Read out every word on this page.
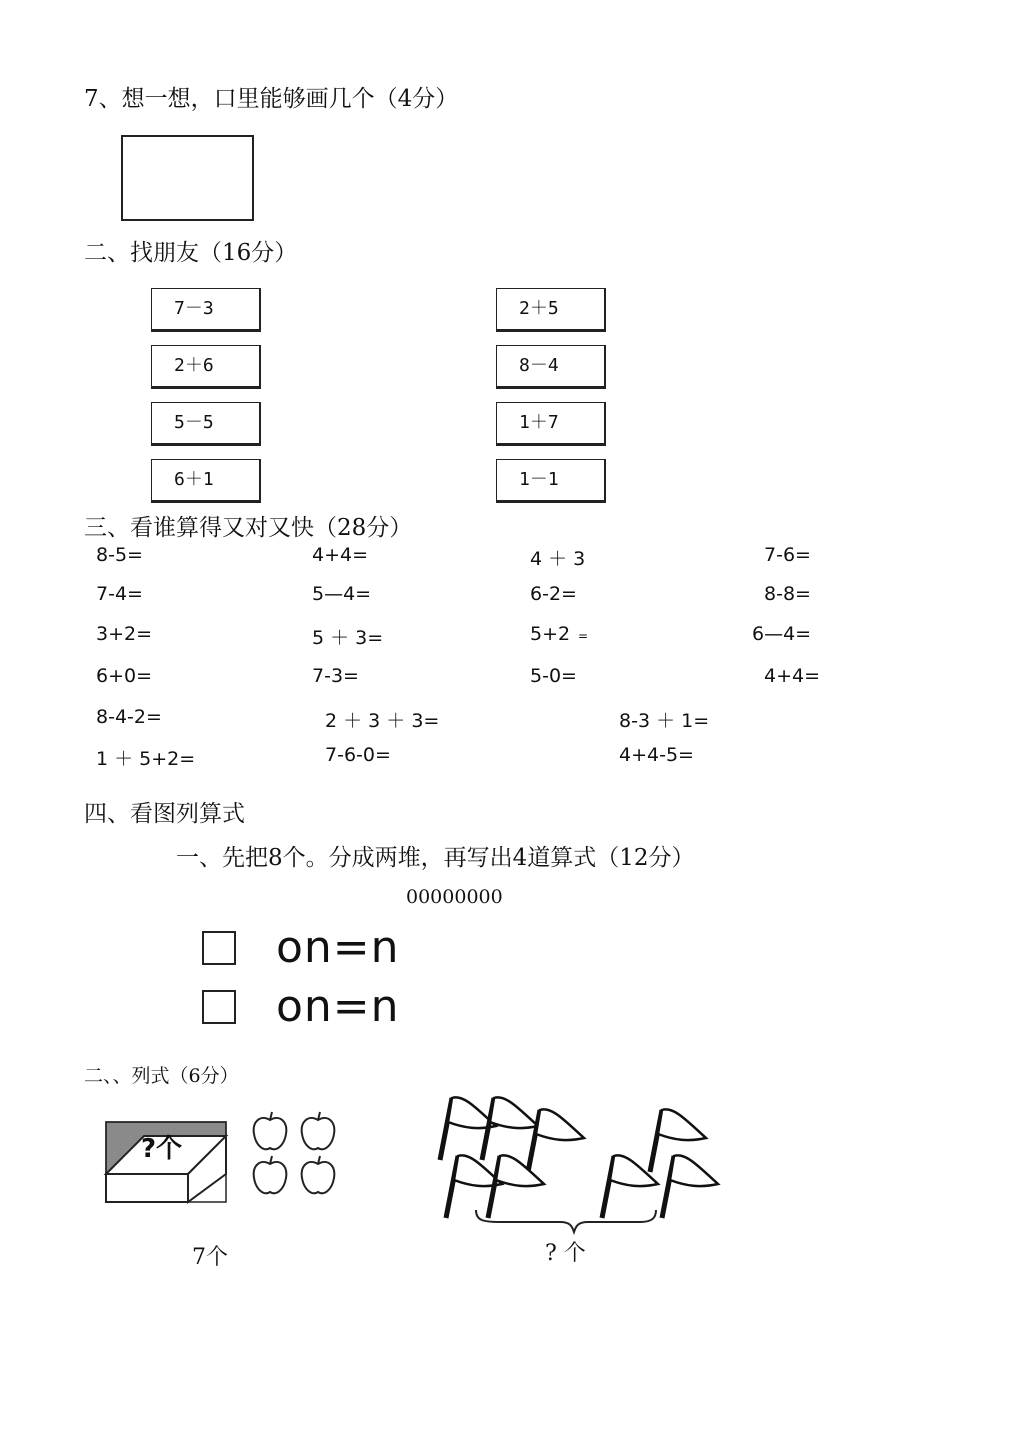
7、想一想，口里能够画几个（4分）
二、找朋友（16分）
7－3
2＋6
5－5
6＋1
2＋5
8－4
1＋7
1－1
三、看谁算得又对又快（28分）
8-5=	4+4=	4 ＋ 3	7-6=
7-4=	5—4=	6-2=	8-8=
3+2=	5 ＋ 3=	5+2 =	6—4=
6+0=	7-3=	5-0=	4+4=
8-4-2=	2 ＋ 3 ＋ 3=	8-3 ＋ 1=
1 ＋ 5+2=	7-6-0=	4+4-5=
四、看图列算式
一、先把8个。分成两堆，再写出4道算式（12分）
00000000
on=n
on=n
二、、列式（6分）
?个
7个	? 个
